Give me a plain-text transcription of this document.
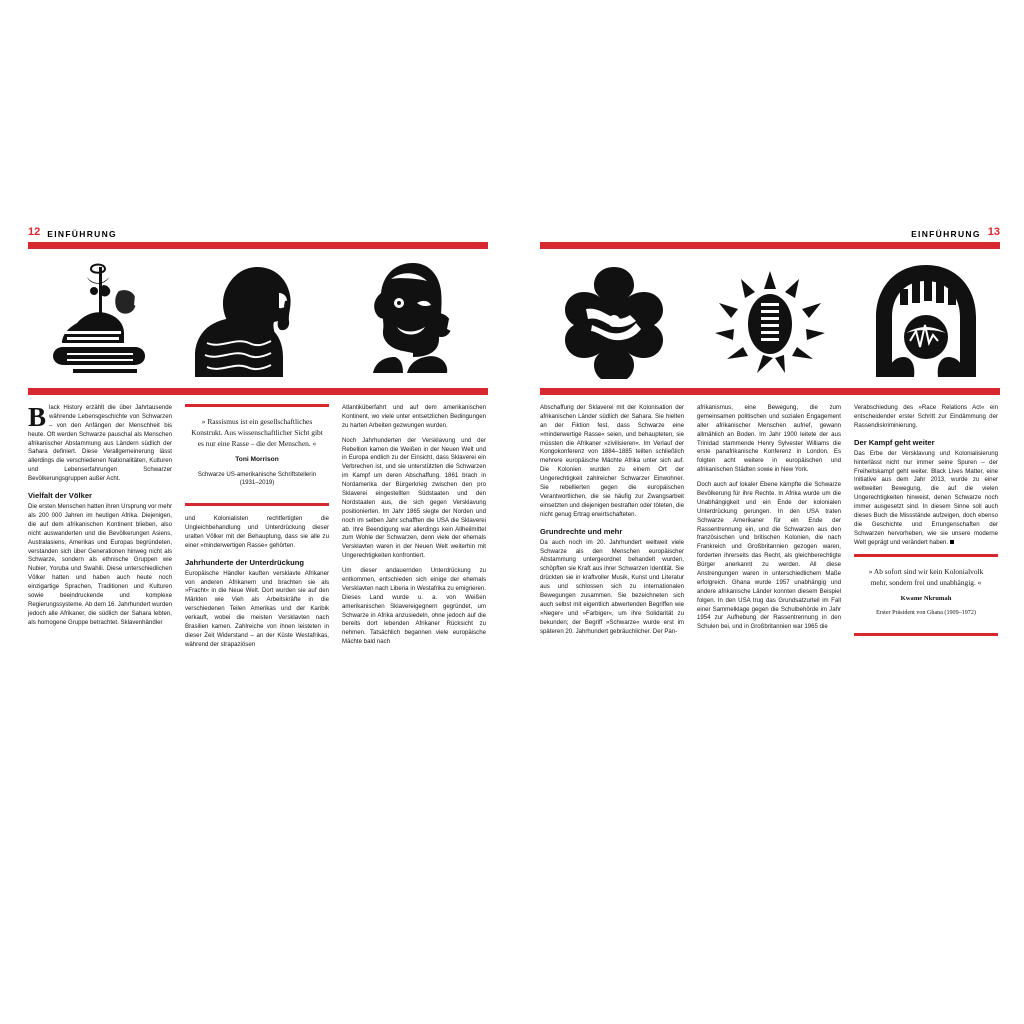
12 EINFÜHRUNG

Black History erzählt die über Jahrtausende währende Lebensgeschichte von Schwarzen – von den Anfängen der Menschheit bis heute. Oft werden Schwarze pauschal als Menschen afrikanischer Abstammung aus Ländern südlich der Sahara definiert. Diese Verallgemeinerung lässt allerdings die verschiedenen Nationalitäten, Kulturen und Lebenserfahrungen Schwarzer Bevölkerungsgruppen außer Acht.

Vielfalt der Völker

Die ersten Menschen hatten ihren Ursprung vor mehr als 200 000 Jahren im heutigen Afrika. Diejenigen, die auf dem afrikanischen Kontinent blieben, also nicht auswanderten und die Bevölkerungen Asiens, Australasiens, Amerikas und Europas begründeten, verstanden sich über Generationen hinweg nicht als Schwarze, sondern als ethnische Gruppen wie Nubier, Yoruba und Swahili. Diese unterschiedlichen Völker hatten und haben auch heute noch einzigartige Sprachen, Traditionen und Kulturen sowie beeindruckende und komplexe Regierungssysteme. Ab dem 16. Jahrhundert wurden jedoch alle Afrikaner, die südlich der Sahara lebten, als homogene Gruppe betrachtet. Sklavenhändler

» Rassismus ist ein gesellschaftliches Konstrukt. Aus wissenschaftlicher Sicht gibt es nur eine Rasse – die der Menschen. «

Toni Morrison

Schwarze US-amerikanische Schriftstellerin (1931–2019)

und Kolonialisten rechtfertigten die Ungleichbehandlung und Unterdrückung dieser uralten Völker mit der Behauptung, dass sie alle zu einer »minderwertigen Rasse« gehörten.

Jahrhunderte der Unterdrückung

Europäische Händler kauften versklavte Afrikaner von anderen Afrikanern und brachten sie als »Fracht« in die Neue Welt. Dort wurden sie auf den Märkten wie Vieh als Arbeitskräfte in die verschiedenen Teilen Amerikas und der Karibik verkauft, wobei die meisten Versklavten nach Brasilien kamen. Zahlreiche von ihnen leisteten in dieser Zeit Widerstand – an der Küste Westafrikas, während der strapaziösen

Atlantiküberfahrt und auf dem amerikanischen Kontinent, wo viele unter entsetzlichen Bedingungen zu harten Arbeiten gezwungen wurden.

Noch Jahrhunderten der Versklavung und der Rebellion kamen die Weißen in der Neuen Welt und in Europa endlich zu der Einsicht, dass Sklaverei ein Verbrechen ist, und sie unterstützten die Schwarzen im Kampf um deren Abschaffung. 1861 brach in Nordamerika der Bürgerkrieg zwischen den pro Sklaverei eingestellten Südstaaten und den Nordstaaten aus, die sich gegen Versklavung positionierten. Im Jahr 1865 siegte der Norden und noch im selben Jahr schafften die USA die Sklaverei ab. Ihre Beendigung war allerdings kein Allheilmittel zum Wohle der Schwarzen, denn viele der ehemals Versklavten waren in der Neuen Welt weiterhin mit Ungerechtigkeiten konfrontiert.

Um dieser andauernden Unterdrückung zu entkommen, entschieden sich einige der ehemals Versklavten nach Liberia in Westafrika zu emigrieren. Dieses Land wurde u. a. von Weißen amerikanischen Sklavereigegnern gegründet, um Schwarze in Afrika anzusiedeln, ohne jedoch auf die bereits dort lebenden Afrikaner Rücksicht zu nehmen. Tatsächlich begannen viele europäische Mächte bald nach

EINFÜHRUNG 13

Abschaffung der Sklaverei mit der Kolonisation der afrikanischen Länder südlich der Sahara. Sie hielten an der Fiktion fest, dass Schwarze eine »minderwertige Rasse« seien, und behaupteten, sie müssten die Afrikaner »zivilisieren«. Im Verlauf der Kongokonferenz von 1884–1885 teilten schließlich mehrere europäische Mächte Afrika unter sich auf. Die Kolonien wurden zu einem Ort der Ungerechtigkeit zahlreicher Schwarzer Einwohner. Sie rebellierten gegen die europäischen Verantwortlichen, die sie häufig zur Zwangsarbeit einsetzten und diejenigen bestraften oder töteten, die nicht genug Ertrag erwirtschafteten.

Grundrechte und mehr

Da auch noch im 20. Jahrhundert weltweit viele Schwarze als den Menschen europäischer Abstammung untergeordnet behandelt wurden, schöpften sie Kraft aus ihrer Schwarzen Identität. Sie drückten sie in kraftvoller Musik, Kunst und Literatur aus und schlossen sich zu internationalen Bewegungen zusammen. Sie bezeichneten sich auch selbst mit eigentlich abwertenden Begriffen wie »Neger« und »Farbiger«, um ihre Solidarität zu bekunden; der Begriff »Schwarze« wurde erst im späteren 20. Jahrhundert gebräuchlicher. Der Pan-

afrikanismus, eine Bewegung, die zum gemeinsamen politischen und sozialen Engagement aller afrikanischer Menschen aufrief, gewann allmählich an Boden. Im Jahr 1900 leitete der aus Trinidad stammende Henry Sylvester Williams die erste panafrikanische Konferenz in London. Es folgten acht weitere in europäischen und afrikanischen Städten sowie in New York.

Doch auch auf lokaler Ebene kämpfte die Schwarze Bevölkerung für ihre Rechte. In Afrika wurde um die Unabhängigkeit und ein Ende der kolonialen Unterdrückung gerungen. In den USA traten Schwarze Amerikaner für ein Ende der Rassentrennung ein, und die Schwarzen aus den französischen und britischen Kolonien, die nach Frankreich und Großbritannien gezogen waren, forderten ihrerseits das Recht, als gleichberechtigte Bürger anerkannt zu werden. All diese Anstrengungen waren in unterschiedlichem Maße erfolgreich. Ghana wurde 1957 unabhängig und andere afrikanische Länder konnten diesem Beispiel folgen. In den USA trug das Grundsatzurteil im Fall einer Sammelklage gegen die Schulbehörde im Jahr 1954 zur Aufhebung der Rassentrennung in den Schulen bei, und in Großbritannien war 1965 die

Verabschiedung des »Race Relations Act« ein entscheidender erster Schritt zur Eindämmung der Rassendiskriminierung.

Der Kampf geht weiter

Das Erbe der Versklavung und Kolonialisierung hinterlässt nicht nur immer seine Spuren – der Freiheitskampf geht weiter. Black Lives Matter, eine Initiative aus dem Jahr 2013, wurde zu einer weltweiten Bewegung, die auf die vielen Ungerechtigkeiten hinweist, denen Schwarze noch immer ausgesetzt sind. In diesem Sinne soll auch dieses Buch die Missstände aufzeigen, doch ebenso die Geschichte und Errungenschaften der Schwarzen hervorheben, wie sie unsere moderne Welt geprägt und verändert haben.

» Ab sofort sind wir kein Kolonialvolk mehr, sondern frei und unabhängig. «

Kwame Nkrumah

Erster Präsident von Ghana (1909–1972)
